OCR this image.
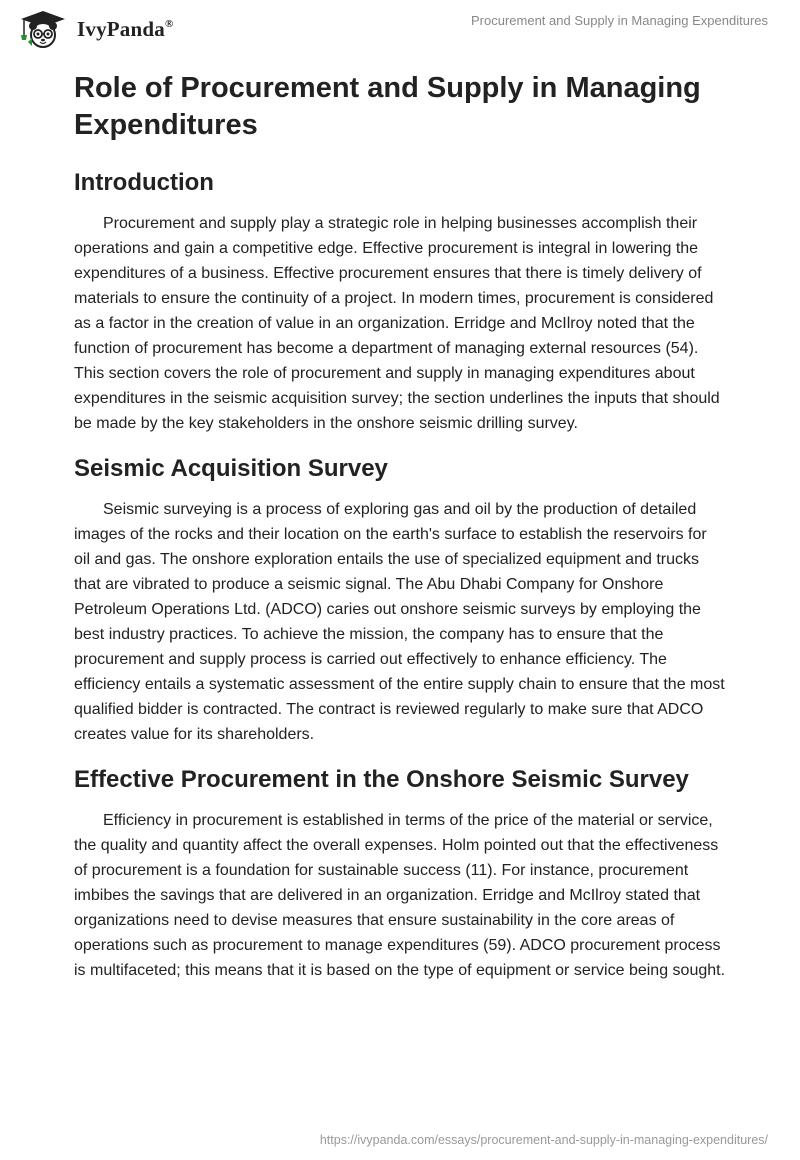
IvyPanda®	Procurement and Supply in Managing Expenditures
Role of Procurement and Supply in Managing Expenditures
Introduction

Procurement and supply play a strategic role in helping businesses accomplish their operations and gain a competitive edge. Effective procurement is integral in lowering the expenditures of a business. Effective procurement ensures that there is timely delivery of materials to ensure the continuity of a project. In modern times, procurement is considered as a factor in the creation of value in an organization. Erridge and McIlroy noted that the function of procurement has become a department of managing external resources (54). This section covers the role of procurement and supply in managing expenditures about expenditures in the seismic acquisition survey; the section underlines the inputs that should be made by the key stakeholders in the onshore seismic drilling survey.

Seismic Acquisition Survey

Seismic surveying is a process of exploring gas and oil by the production of detailed images of the rocks and their location on the earth's surface to establish the reservoirs for oil and gas. The onshore exploration entails the use of specialized equipment and trucks that are vibrated to produce a seismic signal. The Abu Dhabi Company for Onshore Petroleum Operations Ltd. (ADCO) caries out onshore seismic surveys by employing the best industry practices. To achieve the mission, the company has to ensure that the procurement and supply process is carried out effectively to enhance efficiency. The efficiency entails a systematic assessment of the entire supply chain to ensure that the most qualified bidder is contracted. The contract is reviewed regularly to make sure that ADCO creates value for its shareholders.

Effective Procurement in the Onshore Seismic Survey

Efficiency in procurement is established in terms of the price of the material or service, the quality and quantity affect the overall expenses. Holm pointed out that the effectiveness of procurement is a foundation for sustainable success (11). For instance, procurement imbibes the savings that are delivered in an organization. Erridge and McIlroy stated that organizations need to devise measures that ensure sustainability in the core areas of operations such as procurement to manage expenditures (59). ADCO procurement process is multifaceted; this means that it is based on the type of equipment or service being sought.

https://ivypanda.com/essays/procurement-and-supply-in-managing-expenditures/
